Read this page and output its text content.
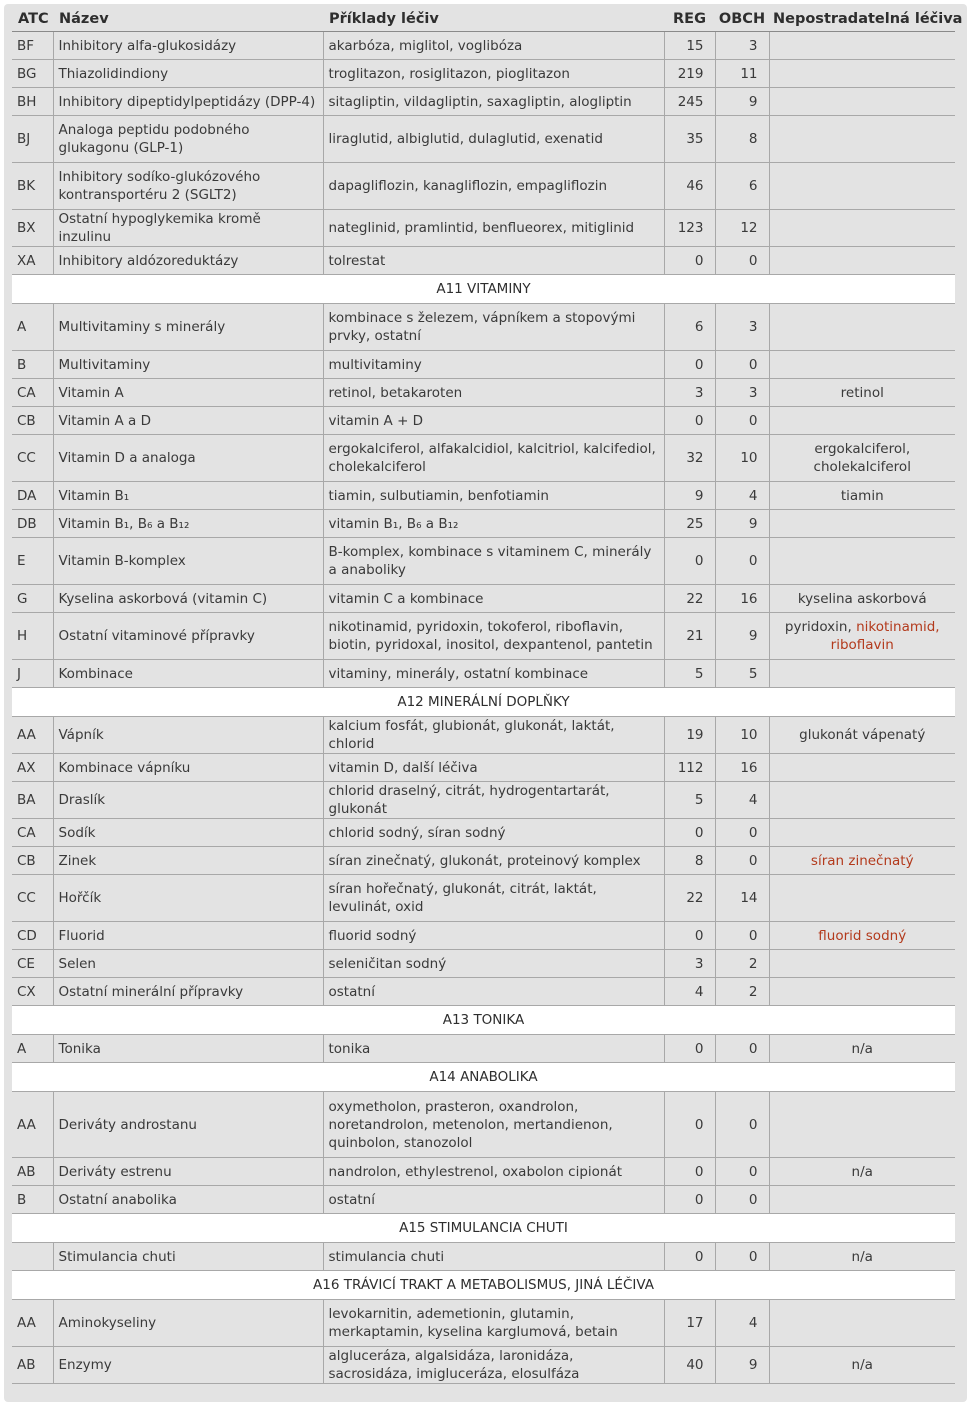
ATC	Název	Příklady léčiv	REG	OBCH	Nepostradatelná léčiva
BF	Inhibitory alfa-glukosidázy	akarbóza, miglitol, voglibóza	15	3	
BG	Thiazolidindiony	troglitazon, rosiglitazon, pioglitazon	219	11	
BH	Inhibitory dipeptidylpeptidázy (DPP-4)	sitagliptin, vildagliptin, saxagliptin, alogliptin	245	9	
BJ	Analoga peptidu podobného glukagonu (GLP-1)	liraglutid, albiglutid, dulaglutid, exenatid	35	8	
BK	Inhibitory sodíko-glukózového kontransportéru 2 (SGLT2)	dapagliflozin, kanagliflozin, empagliflozin	46	6	
BX	Ostatní hypoglykemika kromě inzulinu	nateglinid, pramlintid, benflueorex, mitiglinid	123	12	
XA	Inhibitory aldózoreduktázy	tolrestat	0	0	
A11 VITAMINY					
A	Multivitaminy s minerály	kombinace s železem, vápníkem a stopovými prvky, ostatní	6	3	
B	Multivitaminy	multivitaminy	0	0	
CA	Vitamin A	retinol, betakaroten	3	3	retinol
CB	Vitamin A a D	vitamin A + D	0	0	
CC	Vitamin D a analoga	ergokalciferol, alfakalcidiol, kalcitriol, kalcifediol, cholekalciferol	32	10	ergokalciferol, cholekalciferol
DA	Vitamin B₁	tiamin, sulbutiamin, benfotiamin	9	4	tiamin
DB	Vitamin B₁, B₆ a B₁₂	vitamin B₁, B₆ a B₁₂	25	9	
E	Vitamin B-komplex	B-komplex, kombinace s vitaminem C, minerály a anaboliky	0	0	
G	Kyselina askorbová (vitamin C)	vitamin C a kombinace	22	16	kyselina askorbová
H	Ostatní vitaminové přípravky	nikotinamid, pyridoxin, tokoferol, riboflavin, biotin, pyridoxal, inositol, dexpantenol, pantetin	21	9	pyridoxin, nikotinamid, riboflavin
J	Kombinace	vitaminy, minerály, ostatní kombinace	5	5	
A12 MINERÁLNÍ DOPLŇKY					
AA	Vápník	kalcium fosfát, glubionát, glukonát, laktát, chlorid	19	10	glukonát vápenatý
AX	Kombinace vápníku	vitamin D, další léčiva	112	16	
BA	Draslík	chlorid draselný, citrát, hydrogentartarát, glukonát	5	4	
CA	Sodík	chlorid sodný, síran sodný	0	0	
CB	Zinek	síran zinečnatý, glukonát, proteinový komplex	8	0	síran zinečnatý
CC	Hořčík	síran hořečnatý, glukonát, citrát, laktát, levulinát, oxid	22	14	
CD	Fluorid	fluorid sodný	0	0	fluorid sodný
CE	Selen	seleničitan sodný	3	2	
CX	Ostatní minerální přípravky	ostatní	4	2	
A13 TONIKA					
A	Tonika	tonika	0	0	n/a
A14 ANABOLIKA					
AA	Deriváty androstanu	oxymetholon, prasteron, oxandrolon, noretandrolon, metenolon, mertandienon, quinbolon, stanozolol	0	0	
AB	Deriváty estrenu	nandrolon, ethylestrenol, oxabolon cipionát	0	0	n/a
B	Ostatní anabolika	ostatní	0	0	
A15 STIMULANCIA CHUTI					
	Stimulancia chuti	stimulancia chuti	0	0	n/a
A16 TRÁVICÍ TRAKT A METABOLISMUS, JINÁ LÉČIVA					
AA	Aminokyseliny	levokarnitin, ademetionin, glutamin, merkaptamin, kyselina karglumová, betain	17	4	
AB	Enzymy	alglucerázа, algalsidáza, laronidáza, sacrosidáza, imiglucerázа, elosulfáza	40	9	n/a
